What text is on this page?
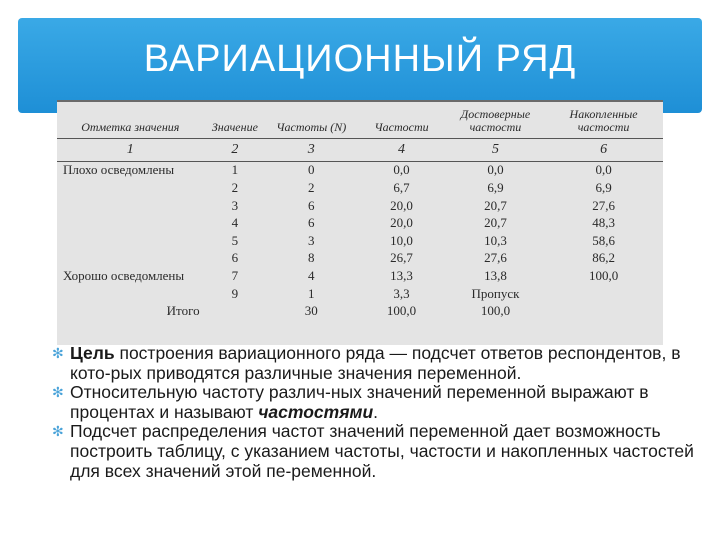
ВАРИАЦИОННЫЙ РЯД
Отметка значения	Значение	Частоты (N)	Частости	Достоверные частости	Накопленные частости
1	2	3	4	5	6
Плохо осведомлены	1	0	0,0	0,0	0,0
	2	2	6,7	6,9	6,9
	3	6	20,0	20,7	27,6
	4	6	20,0	20,7	48,3
	5	3	10,0	10,3	58,6
	6	8	26,7	27,6	86,2
Хорошо осведомлены	7	4	13,3	13,8	100,0
	9	1	3,3	Пропуск	
Итого		30	100,0	100,0	
✻ Цель построения вариационного ряда — подсчет ответов респондентов, в кото-рых приводятся различные значения переменной.
✻ Относительную частоту различ-ных значений переменной выражают в процентах и называют частостями.
✻ Подсчет распределения частот значений переменной дает возможность построить таблицу, с указанием частоты, частости и накопленных частостей для всех значений этой пе-ременной.
